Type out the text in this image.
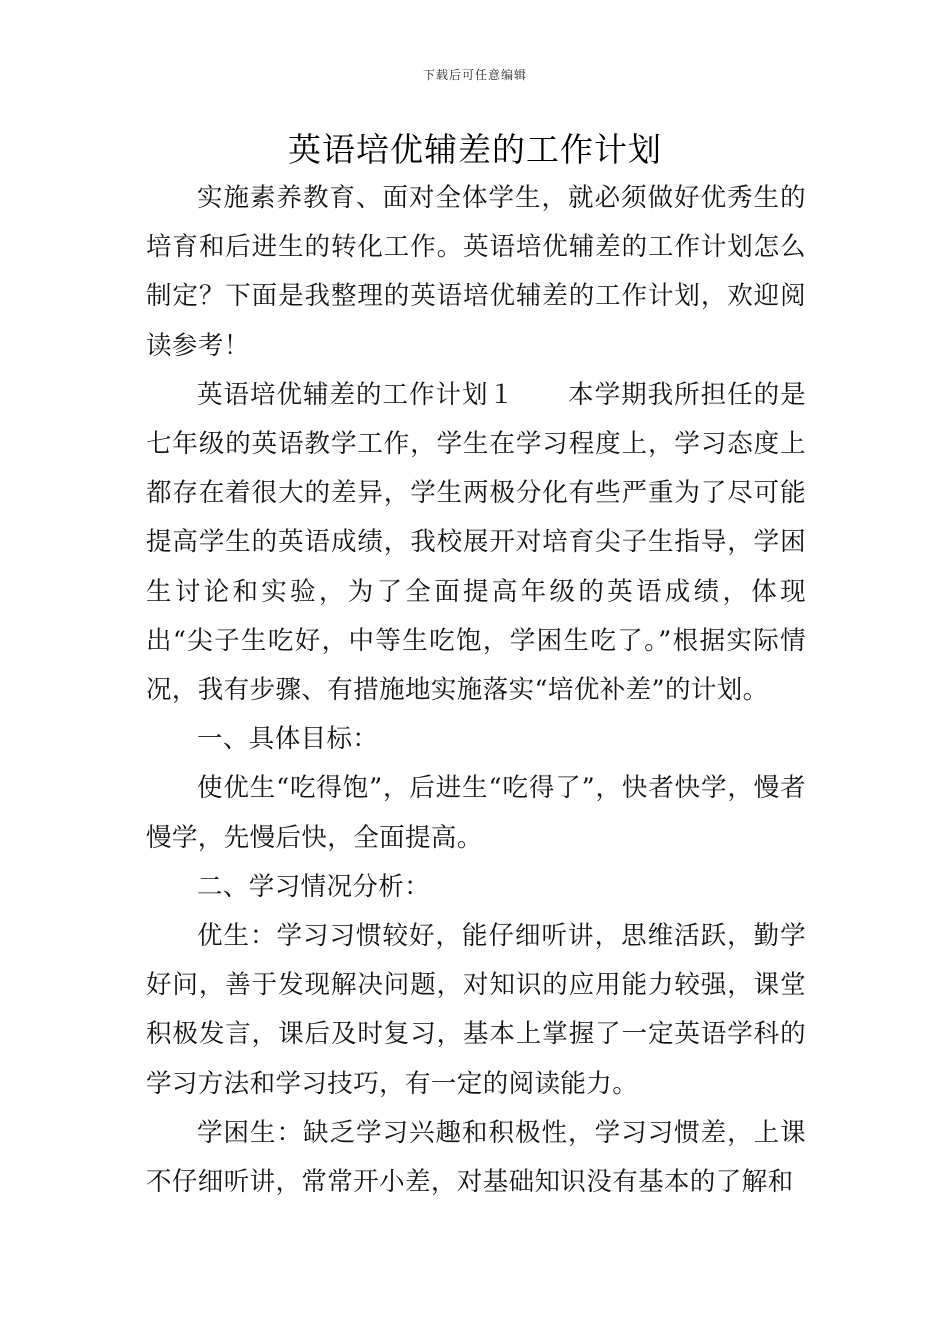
下载后可任意编辑
英语培优辅差的工作计划

实施素养教育、面对全体学生，就必须做好优秀生的培育和后进生的转化工作。英语培优辅差的工作计划怎么制定？下面是我整理的英语培优辅差的工作计划，欢迎阅读参考！

英语培优辅差的工作计划１　　本学期我所担任的是七年级的英语教学工作，学生在学习程度上，学习态度上都存在着很大的差异，学生两极分化有些严重为了尽可能提高学生的英语成绩，我校展开对培育尖子生指导，学困生讨论和实验，为了全面提高年级的英语成绩，体现出“尖子生吃好，中等生吃饱，学困生吃了。”根据实际情况，我有步骤、有措施地实施落实“培优补差”的计划。

一、具体目标：

使优生“吃得饱”，后进生“吃得了”，快者快学，慢者慢学，先慢后快，全面提高。

二、学习情况分析：

优生：学习习惯较好，能仔细听讲，思维活跃，勤学好问，善于发现解决问题，对知识的应用能力较强，课堂积极发言，课后及时复习，基本上掌握了一定英语学科的学习方法和学习技巧，有一定的阅读能力。

学困生：缺乏学习兴趣和积极性，学习习惯差，上课不仔细听讲，常常开小差，对基础知识没有基本的了解和
